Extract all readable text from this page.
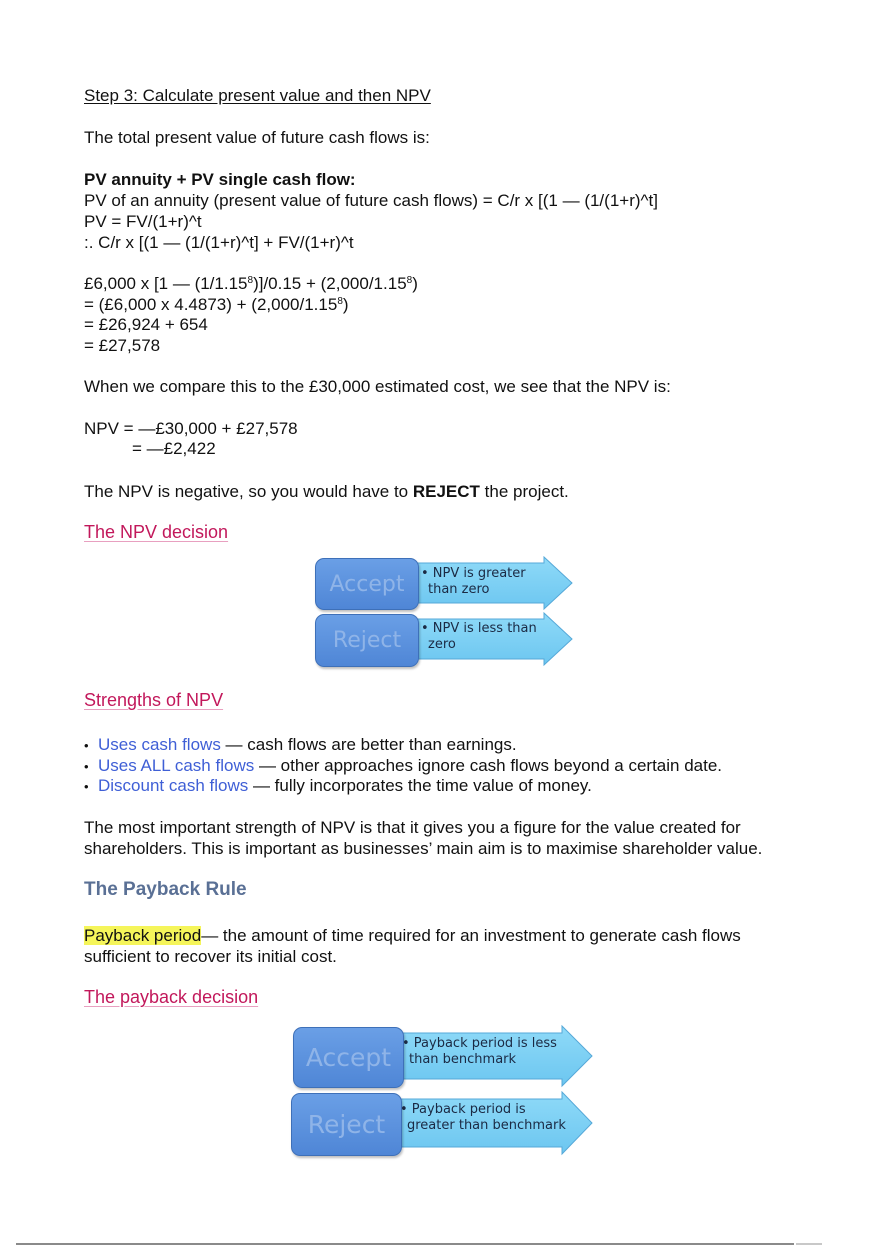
Step 3: Calculate present value and then NPV
The total present value of future cash flows is:
PV annuity + PV single cash flow:
PV of an annuity (present value of future cash flows) = C/r x [(1 — (1/(1+r)^t]
PV = FV/(1+r)^t
:. C/r x [(1 — (1/(1+r)^t] + FV/(1+r)^t
£6,000 x [1 — $(1/1.15^8)]/0.15 + (2,000/1.15^8)$
= (£6,000 x $4.4873) + (2,000/1.15^8)$
= £26,924 + 654
= £27,578
When we compare this to the £30,000 estimated cost, we see that the NPV is:
NPV = —£30,000 + £27,578
= —£2,422
The NPV is negative, so you would have to REJECT the project.
The NPV decision
Accept	• NPV is greater
than zero
Reject	• NPV is less than
zero
Strengths of NPV
• Uses cash flows — cash flows are better than earnings.
• Uses ALL cash flows — other approaches ignore cash flows beyond a certain date.
• Discount cash flows — fully incorporates the time value of money.
The most important strength of NPV is that it gives you a figure for the value created for
shareholders. This is important as businesses’ main aim is to maximise shareholder value.
The Payback Rule
Payback period— the amount of time required for an investment to generate cash flows
sufficient to recover its initial cost.
The payback decision
Accept • Payback period is less
than benchmark
Reject
• Payback period is
greater than benchmark
